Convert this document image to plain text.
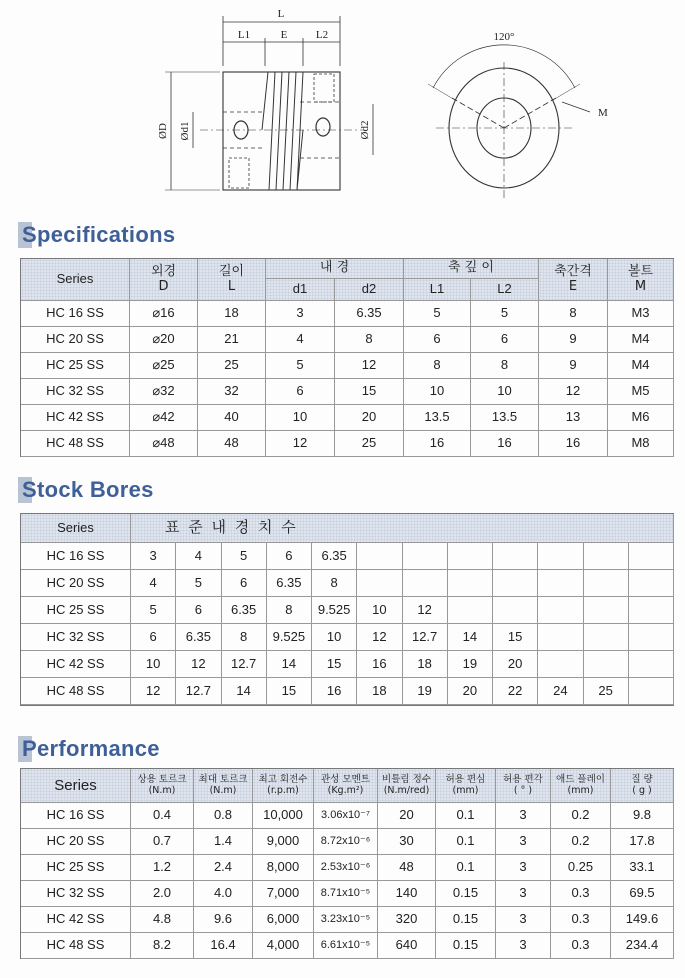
L
L1	E	L2
ØD Ød1	Ød2
120°
M
Specifications
Stock Bores
Performance
Series	외경
D
길이
L
내 경
d1	d2
축 깊 이
L1	L2
축간격
E
볼트
M
HC 16 SS	⌀16	18	3	6.35	5	5	8	M3
HC 20 SS	⌀20	21	4	8	6	6	9	M4
HC 25 SS	⌀25	25	5	12	8	8	9	M4
HC 32 SS	⌀32	32	6	15	10	10	12	M5
HC 42 SS	⌀42	40	10	20	13.5	13.5	13	M6
HC 48 SS	⌀48	48	12	25	16	16	16	M8
Series	표 준 내 경 치 수
HC 16 SS	3	4	5	6	6.35
HC 20 SS	4	5	6	6.35	8
HC 25 SS	5	6	6.35	8	9.525	10	12
HC 32 SS	6	6.35	8	9.525	10	12	12.7	14	15
HC 42 SS	10	12	12.7	14	15	16	18	19	20
HC 48 SS	12	12.7	14	15	16	18	19	20	22	24	25
Series	상용 토르크
(N.m)
최대 토르크
(N.m)
최고 회전수
(r.p.m)
관성 모멘트
(Kg.m²)
비틀림 정수
(N.m/red)
허용 편심
(mm)
허용 편각
( ° )
애드 플레이
(mm)
질 량
( g )
HC 16 SS	0.4	0.8	10,000	3.06x10⁻⁷	20	0.1	3	0.2	9.8
HC 20 SS	0.7	1.4	9,000	8.72x10⁻⁶	30	0.1	3	0.2	17.8
HC 25 SS	1.2	2.4	8,000	2.53x10⁻⁶	48	0.1	3	0.25	33.1
HC 32 SS	2.0	4.0	7,000	8.71x10⁻⁵	140	0.15	3	0.3	69.5
HC 42 SS	4.8	9.6	6,000	3.23x10⁻⁵	320	0.15	3	0.3	149.6
HC 48 SS	8.2	16.4	4,000	6.61x10⁻⁵	640	0.15	3	0.3	234.4
